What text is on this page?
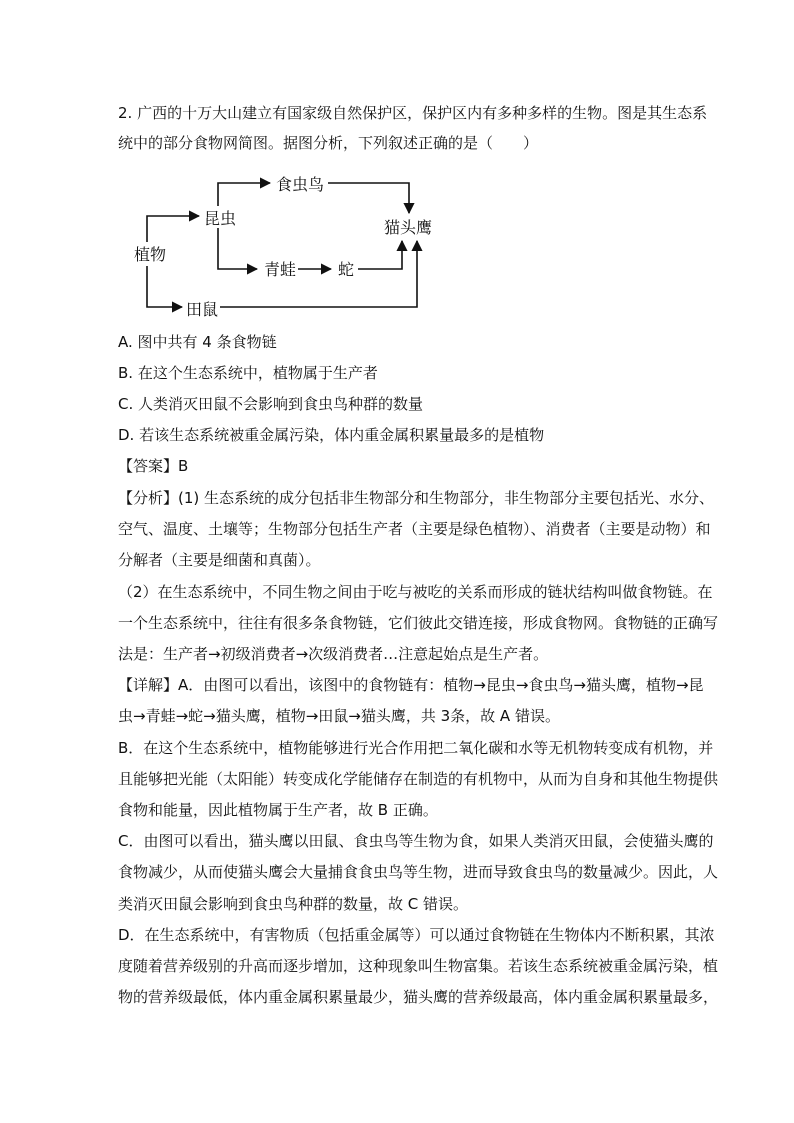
2. 广西的十万大山建立有国家级自然保护区，保护区内有多种多样的生物。图是其生态系
统中的部分食物网简图。据图分析，下列叙述正确的是（　　）
植物
昆虫
食虫鸟
猫头鹰
青蛙	蛇
田鼠
A. 图中共有 4 条食物链
B. 在这个生态系统中，植物属于生产者
C. 人类消灭田鼠不会影响到食虫鸟种群的数量
D. 若该生态系统被重金属污染，体内重金属积累量最多的是植物
【答案】B
【分析】(1) 生态系统的成分包括非生物部分和生物部分，非生物部分主要包括光、水分、
空气、温度、土壤等；生物部分包括生产者（主要是绿色植物）、消费者（主要是动物）和
分解者（主要是细菌和真菌）。
（2）在生态系统中，不同生物之间由于吃与被吃的关系而形成的链状结构叫做食物链。在
一个生态系统中，往往有很多条食物链，它们彼此交错连接，形成食物网。食物链的正确写
法是：生产者→初级消费者→次级消费者…注意起始点是生产者。
【详解】A．由图可以看出，该图中的食物链有：植物→昆虫→食虫鸟→猫头鹰，植物→昆
虫→青蛙→蛇→猫头鹰，植物→田鼠→猫头鹰，共 3条，故 A 错误。
B．在这个生态系统中，植物能够进行光合作用把二氧化碳和水等无机物转变成有机物，并
且能够把光能（太阳能）转变成化学能储存在制造的有机物中，从而为自身和其他生物提供
食物和能量，因此植物属于生产者，故 B 正确。
C．由图可以看出，猫头鹰以田鼠、食虫鸟等生物为食，如果人类消灭田鼠，会使猫头鹰的
食物减少，从而使猫头鹰会大量捕食食虫鸟等生物，进而导致食虫鸟的数量减少。因此，人
类消灭田鼠会影响到食虫鸟种群的数量，故 C 错误。
D．在生态系统中，有害物质（包括重金属等）可以通过食物链在生物体内不断积累，其浓
度随着营养级别的升高而逐步增加，这种现象叫生物富集。若该生态系统被重金属污染，植
物的营养级最低，体内重金属积累量最少，猫头鹰的营养级最高，体内重金属积累量最多，
